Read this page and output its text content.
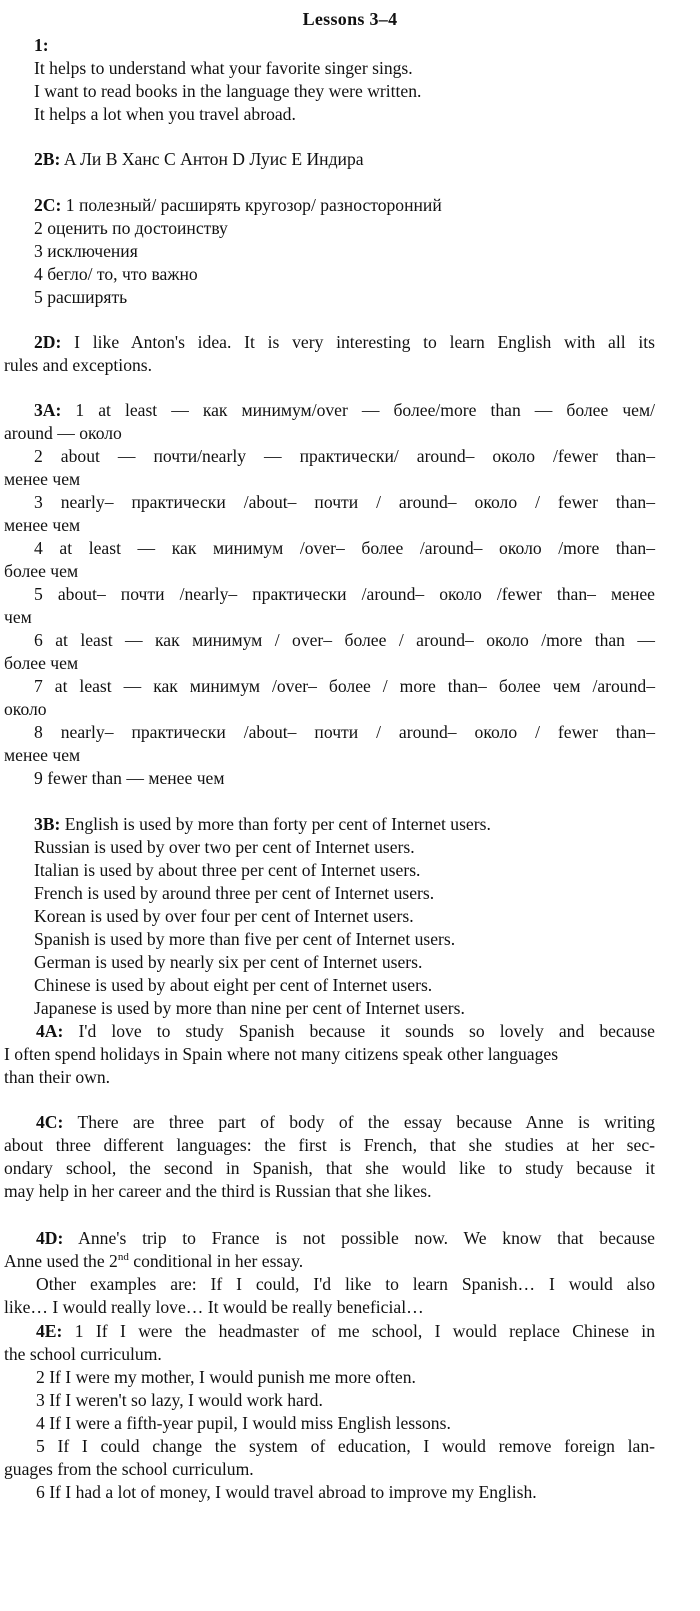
Lessons 3–4
1:
It helps to understand what your favorite singer sings.
I want to read books in the language they were written.
It helps a lot when you travel abroad.
2B: A Ли B Ханс C Антон D Луис E Индира
2C: 1 полезный/ расширять кругозор/ разносторонний
2 оценить по достоинству
3 исключения
4 бегло/ то, что важно
5 расширять
2D: I like Anton's idea. It is very interesting to learn English with all its
rules and exceptions.
3A: 1 at least — как минимум/over — более/more than — более чем/
around — около
2 about — почти/nearly — практически/ around– около /fewer than–
менее чем
3 nearly– практически /about– почти / around– около / fewer than–
менее чем
4 at least — как минимум /over– более /around– около /more than–
более чем
5 about– почти /nearly– практически /around– около /fewer than– менее
чем
6 at least — как минимум / over– более / around– около /more than —
более чем
7 at least — как минимум /over– более / more than– более чем /around–
около
8 nearly– практически /about– почти / around– около / fewer than–
менее чем
9 fewer than — менее чем
3B: English is used by more than forty per cent of Internet users.
Russian is used by over two per cent of Internet users.
Italian is used by about three per cent of Internet users.
French is used by around three per cent of Internet users.
Korean is used by over four per cent of Internet users.
Spanish is used by more than five per cent of Internet users.
German is used by nearly six per cent of Internet users.
Chinese is used by about eight per cent of Internet users.
Japanese is used by more than nine per cent of Internet users.
4A: I'd love to study Spanish because it sounds so lovely and because
I often spend holidays in Spain where not many citizens speak other languages
than their own.
4C: There are three part of body of the essay because Anne is writing
about three different languages: the first is French, that she studies at her sec-
ondary school, the second in Spanish, that she would like to study because it
may help in her career and the third is Russian that she likes.
4D: Anne's trip to France is not possible now. We know that because
Anne used the 2nd conditional in her essay.
Other examples are: If I could, I'd like to learn Spanish… I would also
like… I would really love… It would be really beneficial…
4E: 1 If I were the headmaster of me school, I would replace Chinese in
the school curriculum.
2 If I were my mother, I would punish me more often.
3 If I weren't so lazy, I would work hard.
4 If I were a fifth-year pupil, I would miss English lessons.
5 If I could change the system of education, I would remove foreign lan-
guages from the school curriculum.
6 If I had a lot of money, I would travel abroad to improve my English.
